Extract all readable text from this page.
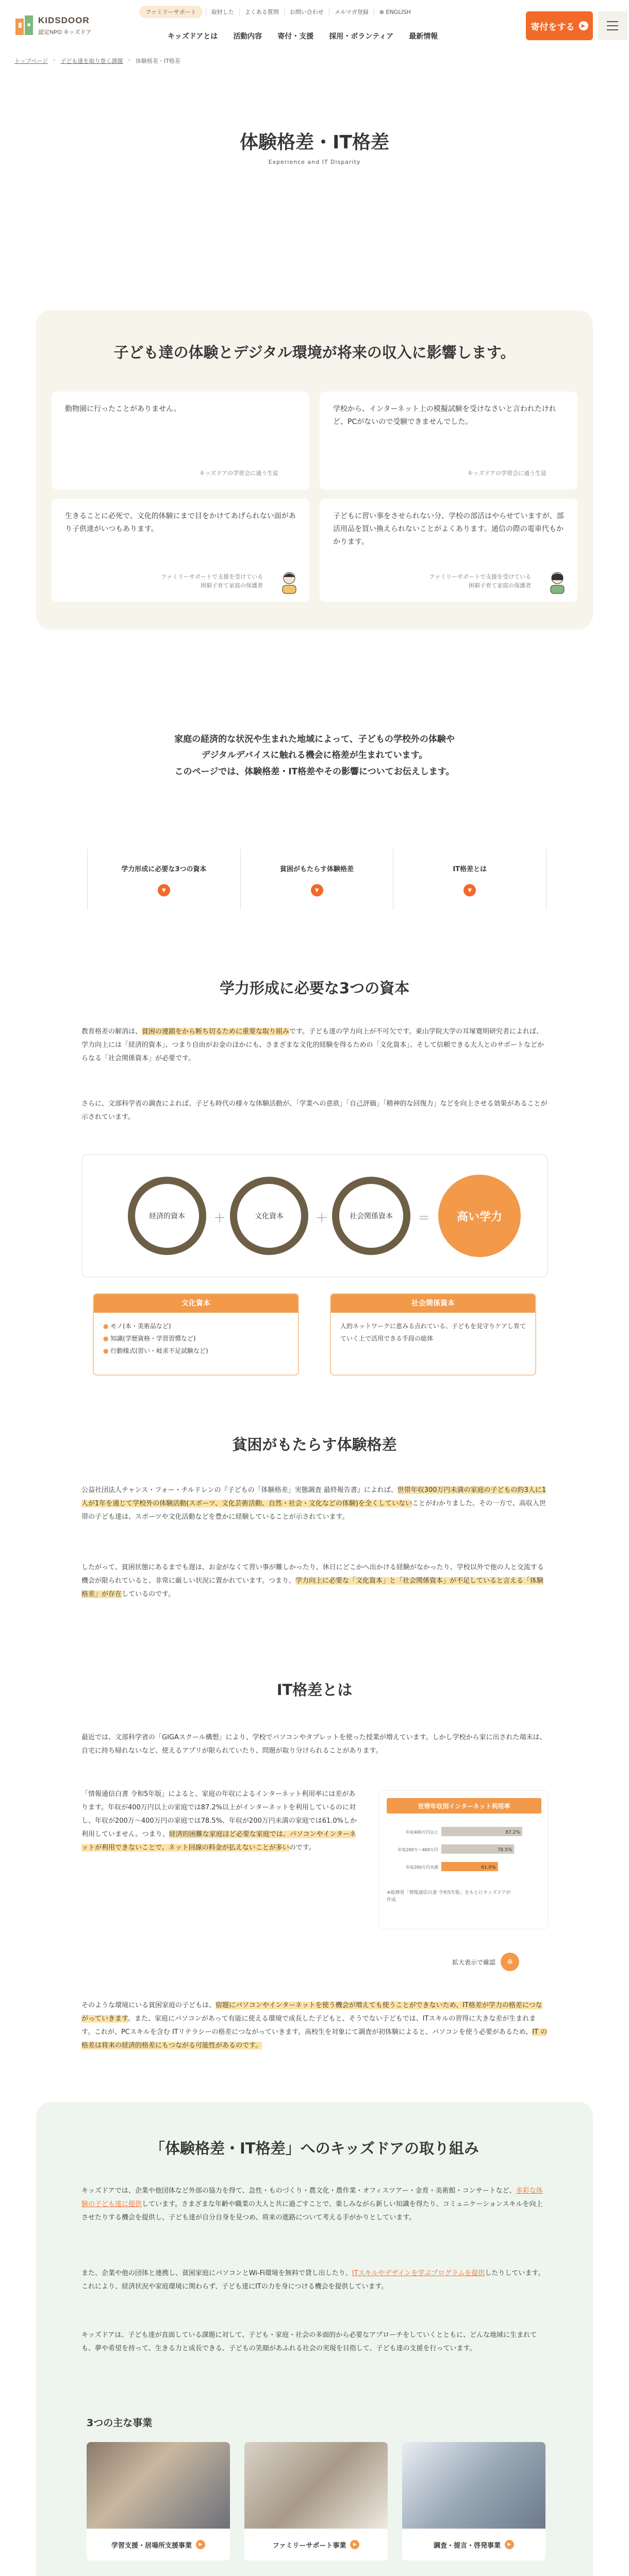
KIDSDOOR
認定NPO キッズドア
ファミリーサポート	取材した	よくある質問	お問い合わせ	メルマガ登録	⊕ ENGLISH
キッズドアとは 活動内容 寄付・支援 採用・ボランティア 最新情報
寄付をする	▶
トップページ › 子ども達を取り巻く課題 › 体験格差・IT格差
体験格差・IT格差
Experience and IT Disparity
子ども達の体験とデジタル環境が将来の収入に影響します。
動物園に行ったことがありません。
キッズドアの学習会に通う生徒
学校から、インターネット上の模擬試験を受けなさいと言われたけれど、PCがないので受験できませんでした。
キッズドアの学習会に通う生徒
生きることに必死で、文化的体験にまで目をかけてあげられない面があり子供達がいつもあります。
ファミリーサポートで支援を受けている
困窮子育て家庭の保護者
子どもに習い事をさせられない分、学校の部活はやらせていますが、部活用品を買い換えられないことがよくあります。通信の際の電車代もかかります。
ファミリーサポートで支援を受けている
困窮子育て家庭の保護者
家庭の経済的な状況や生まれた地域によって、子どもの学校外の体験や
デジタルデバイスに触れる機会に格差が生まれています。
このページでは、体験格差・IT格差やその影響についてお伝えします。
学力形成に必要な3つの資本
▼
貧困がもたらす体験格差
▼
IT格差とは
▼
学力形成に必要な3つの資本
教育格差の解消は、貧困の連鎖をから断ち切るために重要な取り組みです。子ども達の学力向上が不可欠です。東山学院大学の耳塚寛明研究者によれば、学力向上には「経済的資本」、つまり自由がお金のほかにも、さまざまな文化的経験を得るための「文化資本」、そして信頼できる大人とのサポートなどからなる「社会関係資本」が必要です。
さらに、文部科学省の調査によれば、子ども時代の様々な体験活動が、「学業への意欲」「自己評価」「精神的な回復力」などを向上させる効果があることが示されています。
経済的資本	＋	文化資本	＋	社会関係資本	＝	高い学力
文化資本
● モノ(本・美術品など)
● 知識(学歴資格・学習習慣など)
● 行動様式(習い・岐求不足試験など)
社会関係資本
人的ネットワークに恵みる点れている、子どもを見守りケアし育てていく上で活用できる手段の総体
貧困がもたらす体験格差
公益社団法人チャンス・フォー・チルドレンの『子どもの「体験格差」実態調査 最終報告書』によれば、世帯年収300万円未満の家庭の子どもの約3人に1人が1年を通じて学校外の体験活動(スポーツ、文化芸術活動、自然・社会・文化などの体験)を全くしていないことがわかりました。その一方で、高収入世帯の子ども達は、スポーツや文化活動などを豊かに経験していることが示されています。
したがって、貧困状態にあるまでも遅は、お金がなくて習い事が難しかったり、休日にどこかへ出かける経験がなかったり、学校以外で他の人と交流する機会が限られていると、非常に厳しい状況に置かれています。つまり、学力向上に必要な「文化資本」と「社会関係資本」が不足していると言える「体験格差」が存在しているのです。
IT格差とは
最近では、文部科学省の「GIGAスクール構想」により、学校でパソコンやタブレットを使った授業が増えています。しかし学校から家に出された端末は、自宅に持ち帰れないなど、使えるアプリが限られていたり、問題が取り分けられることがあります。
「情報通信白書 令和5年版」によると、家庭の年収によるインターネット利用率には差があります。年収が400万円以上の家庭では87.2%以上がインターネットを利用しているのに対し、年収が200万〜400万円の家庭では78.5%、年収が200万円未満の家庭では61.0%しか利用していません。つまり、経済的困難な家庭ほど必要な家庭では、パソコンやインターネットが利用できないことで、ネット回線の料金が払えないことが多いのです。
世帯年収別インターネット利用率
年収400万円以上	87.2%
年収200万〜400万円	78.5%
年収200万円未満	61.0%
※総務省「情報通信白書 令和5年版」をもとにキッズドアが作成
拡大表示で確認	⊕
そのような環境にいる貧困家庭の子どもは、宿題にパソコンやインターネットを使う機会が増えても使うことができないため、IT格差が学力の格差につながっていきます。また、家庭にパソコンがあって有能に使える環境で成長した子どもと、そうでない子どもでは、ITスキルの習得に大きな差が生まれます。これが、PCスキルを含む ITリテラシーの格差につながっていきます。高校生を対象にて調査が初体験によると、パソコンを使う必要があるため、IT の格差は将来の経済的格差にもつながる可能性があるのです。
「体験格差・IT格差」へのキッズドアの取り組み
キッズドアでは、企業や他団体など外部の協力を得て、急性・ものづくり・農文化・農作業・オフィスツアー・金育・美術館・コンサートなど、多彩な体験の子ども達に提供しています。さまざまな年齢や職業の大人と共に過ごすことで、楽しみながら新しい知識を得たり、コミュニケーションスキルを向上させたりする機会を提供し、子ども達が自分自身を見つめ、将来の進路について考える手がかりとしています。
また、企業や他の団体と連携し、貧困家庭にパソコンとWi-Fi環境を無料で貸し出したり、ITスキルやデザインを学ぶプログラムを提供したりしています。これにより、経済状況や家庭環境に関わらず、子ども達にITの力を身につける機会を提供しています。
キッズドアは、子ども達が直面している課題に対して、子ども・家庭・社会の多面的から必要なアプローチをしていくとともに、どんな地域に生まれても、夢や希望を持って、生きる力と成長できる、子どもの笑顔があふれる社会の実現を目指して、子ども達の支援を行っています。
3つの主な事業
学習支援・居場所支援事業	▶	ファミリーサポート事業	▶	調査・提言・啓発事業	▶
